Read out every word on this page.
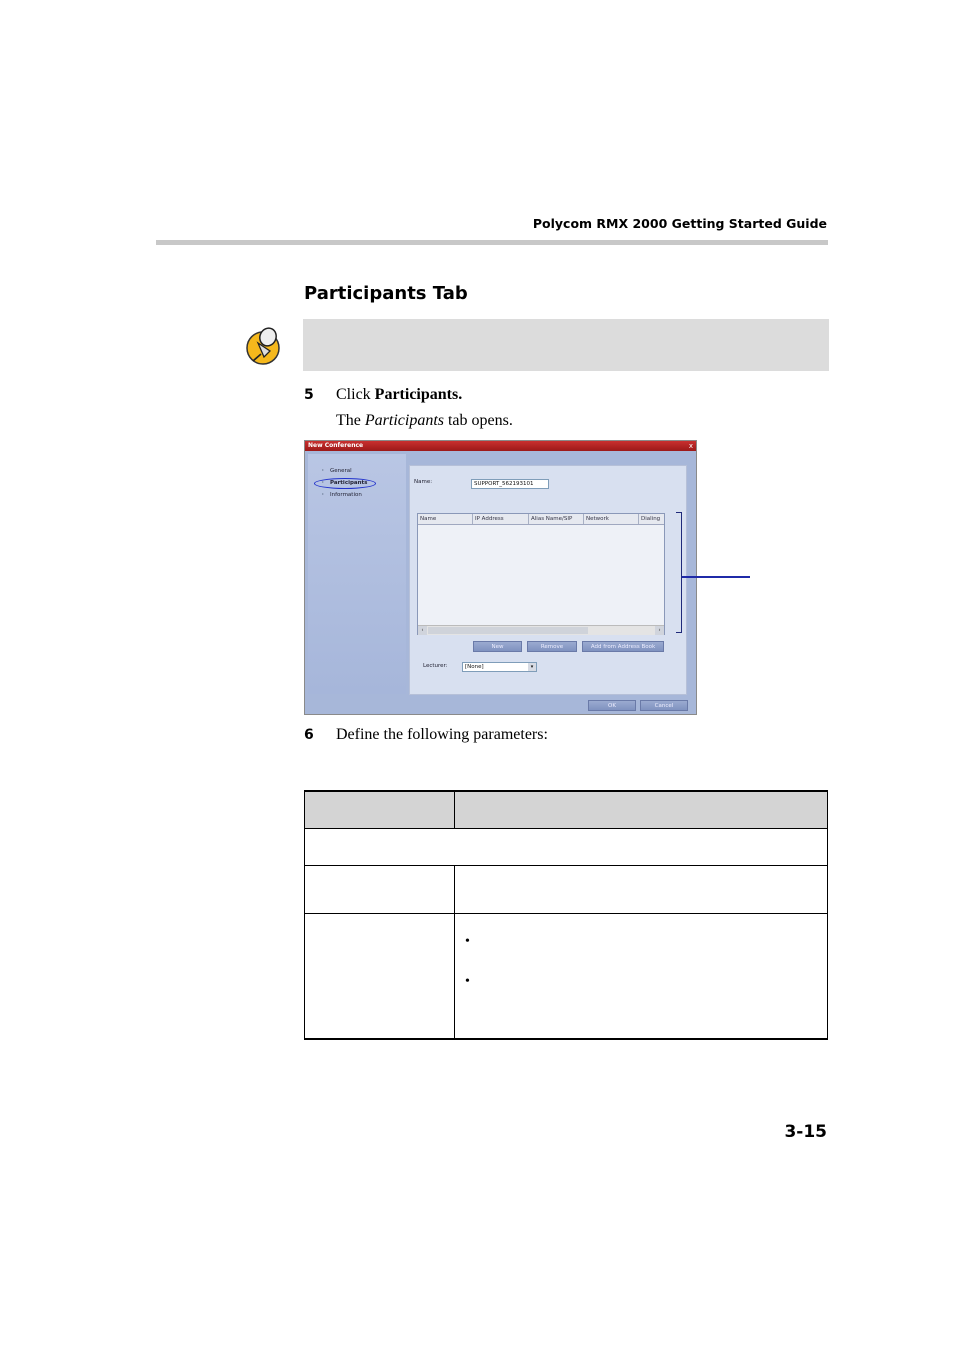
Polycom RMX 2000 Getting Started Guide
Participants Tab
5 Click Participants.
The Participants tab opens.
New Conference	x
› General
› Participants
› Information
Name:	SUPPORT_562193101
Name	IP Address	Alias Name/SIP	Network	Dialing
‹	›
New	Remove	Add from Address Book
Lecturer:	[None]	▾
OK	Cancel
6 Define the following parameters:

	•
•
3-15
